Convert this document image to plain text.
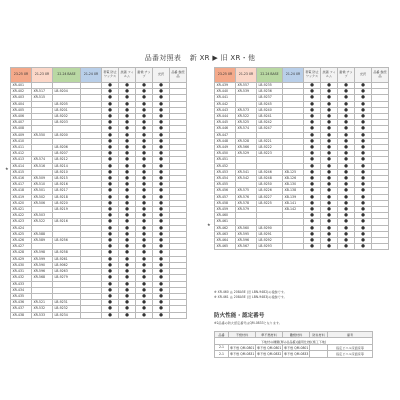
品番対照表 新 XR ▶ 旧 XR・他
23-25 XR	21-23 XR	22-24 BASE	21-24 XR	帯電 防止ワックス	抗菌 フィルム	耐候 チップ	光沢	品番 継続品
XR-401				●	●	●	●	
XR-402	XR-517	LB-9204		●	●	●	●	
XR-403	XR-515			●	●	●	●	
XR-404		LB-9205		●	●	●	●	
XR-405		LB-9201		●	●	●	●	
XR-406		LB-9202		●	●	●	●	
XR-407		LB-9203		●	●	●	●	
XR-408				●	●	●	●	
XR-409	XR-550	LB-9200		●	●	●	●	
XR-410				●	●	●	●	
XR-411		LB-9206		●	●	●	●	
XR-412		LB-9207		●	●	●	●	
XR-413	XR-574	LB-9212		●	●	●	●	
XR-414	XR-516	LB-9214		●	●	●	●	
XR-415		LB-9210		●	●	●	●	
XR-416	XR-509	LB-9215		●	●	●	●	
XR-417	XR-510	LB-9216		●	●	●	●	
XR-418	XR-501	LB-9217		●	●	●	●	
XR-419	XR-502	LB-9218		●	●	●	●	
XR-420	XR-506	LB-9220		●	●	●	●	
XR-421		LB-9219		●	●	●	●	
XR-422	XR-503			●	●	●	●	
XR-423	XR-522	LB-9216		●	●	●	●	
XR-424				●	●	●	●	
XR-425	XR-588			●	●	●	●	
XR-426	XR-589	LB-9256		●	●	●	●	
XR-427				●	●	●	●	
XR-428	XR-598	LB-9258		●	●	●	●	
XR-429	XR-599	LB-9261		●	●	●	●	
XR-430	XR-590	LB-9062		●	●	●	●	
XR-431	XR-596	LB-9263		●	●	●	●	
XR-432	XR-568	LB-9279		●	●	●	●	
XR-433				●	●	●	●	
XR-434				●	●	●	●	
XR-435				●	●	●	●	
XR-436	XR-521	LB-9231		●	●	●	●	
XR-437	XR-532	LB-9232		●	●	●	●	
XR-438	XR-533	LB-9234		●	●	●	●	
★
23-25 XR	21-23 XR	22-24 BASE	21-24 XR	帯電 防止ワックス	抗菌 フィルム	耐候 チップ	光沢	品番 継続品
XR-439	XR-557	LB-9235		●	●	●	●	
XR-440	XR-539	LB-9236		●	●	●	●	
XR-441		LB-9237		●	●	●	●	
XR-442		LB-9245		●	●	●	●	
XR-443	XR-573	LB-9240		●	●	●	●	
XR-444	XR-522	LB-9241		●	●	●	●	
XR-445	XR-525	LB-9242		●	●	●	●	
XR-446	XR-574	LB-9247		●	●	●	●	
XR-447				●	●	●	●	
XR-448	XR-528	LB-9221		●	●	●	●	
XR-449	XR-566	LB-9222		●	●	●	●	
XR-450	XR-529	LB-9223		●	●	●	●	
XR-451				●	●	●	●	
XR-452				●	●	●	●	
XR-453	XR-541	LB-9246	XB-125	●	●	●	●	
XR-454	XR-542	LB-9248	XB-126	●	●	●	●	
XR-455		LB-9250	XB-130	●	●	●	●	
XR-456	XR-575	LB-9226	XB-138	●	●	●	●	
XR-457	XR-576	LB-9227	XB-139	●	●	●	●	
XR-458	XR-578	LB-9225	XB-141	●	●	●	●	
XR-459	XR-579		XB-142	●	●	●	●	
XR-460				●	●	●	●	
XR-461				●	●	●	●	
XR-462	XR-560	LB-9290		●	●	●	●	
XR-463	XR-595	LB-9291		●	●	●	●	
XR-464	XR-596	LB-9292		●	●	●	●	
XR-465	XR-567	LB-9293		●	●	●	●	
★
※ XR-460 は 208A5E (旧 LBN-9482)の後継です。
※ XR-461 は 208A5E (旧 LBN-9483)の後継です。
防火性能・認定番号
※2品番の防火認定番号はQM-0833となります。
品番	不燃材料	準不燃材料	難燃材料	防炎材料	備考
下地材の種類(厚み)(品番)(適用仕様)(施工下地)					
2-1	準不燃 QM-0801	準不燃 QM-0801	準不燃 QM-0801		指定ビニル床面床等
2-1	準不燃 QM-0831	準不燃 QM-0832	準不燃 QM-0833		指定ビニル床面床等
